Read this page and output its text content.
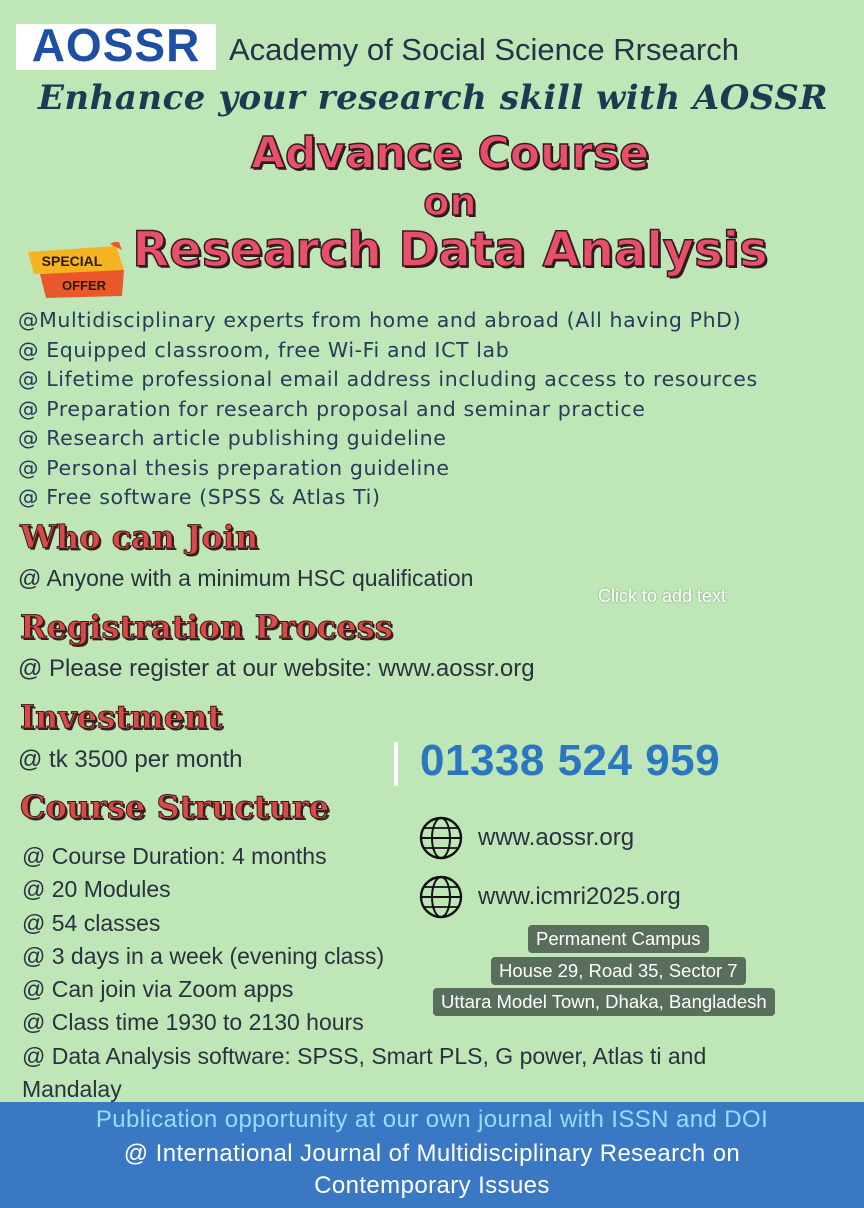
AOSSR Academy of Social Science Rrsearch
Enhance your research skill with AOSSR
Advance Course
on
Research Data Analysis
SPECIAL
OFFER
@Multidisciplinary experts from home and abroad (All having PhD)
@ Equipped classroom, free Wi-Fi and ICT lab
@ Lifetime professional email address including access to resources
@ Preparation for research proposal and seminar practice
@ Research article publishing guideline
@ Personal thesis preparation guideline
@ Free software (SPSS & Atlas Ti)
Who can Join
@ Anyone with a minimum HSC qualification
Click to add text
Registration Process
@ Please register at our website: www.aossr.org
Investment
@ tk 3500 per month	01338 524 959
Course Structure
www.aossr.org
www.icmri2025.org
@ Course Duration: 4 months
@ 20 Modules
@ 54 classes
@ 3 days in a week (evening class)
@ Can join via Zoom apps
@ Class time 1930 to 2130 hours
@ Data Analysis software: SPSS, Smart PLS, G power, Atlas ti and
Mandalay
Permanent Campus
House 29, Road 35, Sector 7
Uttara Model Town, Dhaka, Bangladesh
Publication opportunity at our own journal with ISSN and DOI
@ International Journal of Multidisciplinary Research on
Contemporary Issues
